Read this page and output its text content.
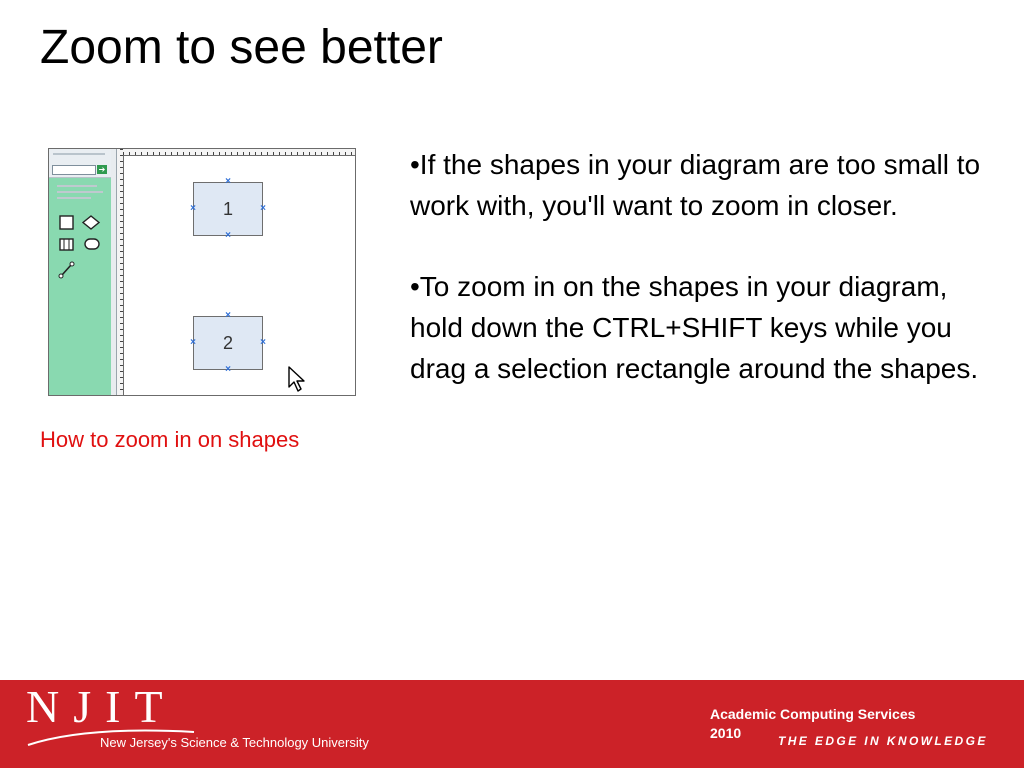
Zoom to see better
➔
1
×
×
×	×
2
×
×
×	×
How to zoom in on shapes

•If the shapes in your diagram are too small to work with, you'll want to zoom in closer.

•To zoom in on the shapes in your diagram, hold down the CTRL+SHIFT keys while you drag a selection rectangle around the shapes.

NJIT
New Jersey's Science & Technology University
Academic Computing Services
2010	THE EDGE IN KNOWLEDGE
